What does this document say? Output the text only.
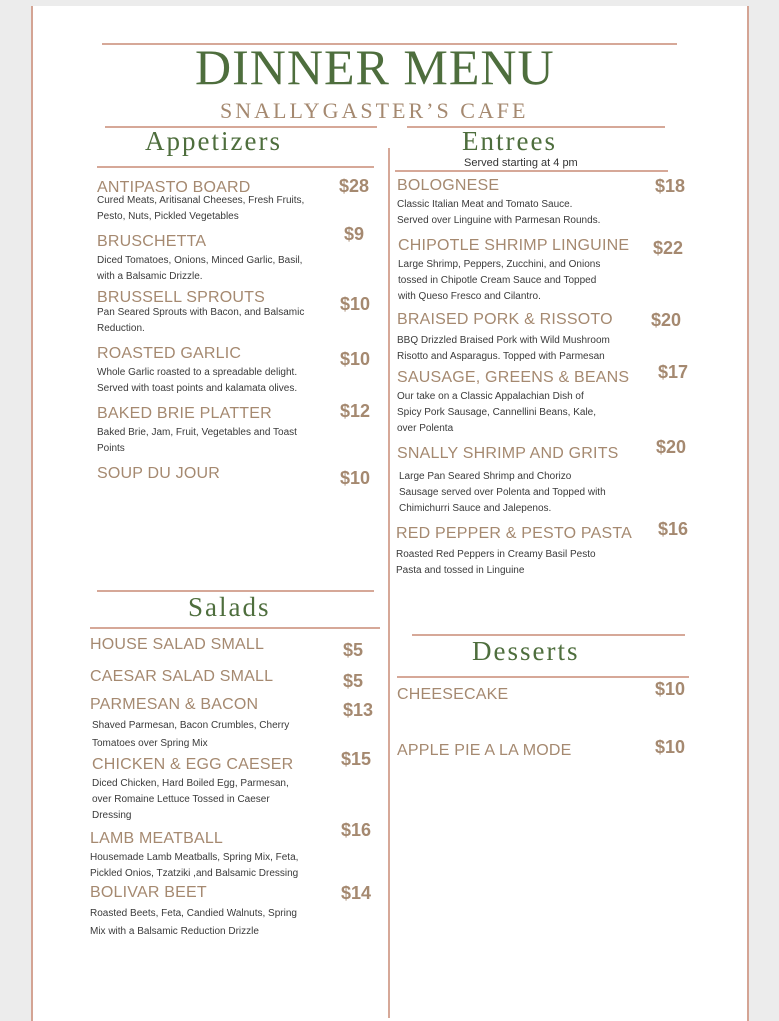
DINNER MENU
SNALLYGASTER’S CAFE
Appetizers	Entrees
Served starting at 4 pm
Salads
Desserts
ANTIPASTO BOARD	$28
Cured Meats, Aritisanal Cheeses, Fresh Fruits,
Pesto, Nuts, Pickled Vegetables
BRUSCHETTA	$9
Diced Tomatoes, Onions, Minced Garlic, Basil,
with a Balsamic Drizzle.
BRUSSELL SPROUTS	$10
Pan Seared Sprouts with Bacon, and Balsamic
Reduction.
ROASTED GARLIC	$10
Whole Garlic roasted to a spreadable delight.
Served with toast points and kalamata olives.
BAKED BRIE PLATTER	$12
Baked Brie, Jam, Fruit, Vegetables and Toast
Points
SOUP DU JOUR	$10
BOLOGNESE	$18
Classic Italian Meat and Tomato Sauce.
Served over Linguine with Parmesan Rounds.
CHIPOTLE SHRIMP LINGUINE $22
Large Shrimp, Peppers, Zucchini, and Onions
tossed in Chipotle Cream Sauce and Topped
with Queso Fresco and Cilantro.
BRAISED PORK & RISSOTO $20
BBQ Drizzled Braised Pork with Wild Mushroom
Risotto and Asparagus. Topped with Parmesan
SAUSAGE, GREENS & BEANS $17
Our take on a Classic Appalachian Dish of
Spicy Pork Sausage, Cannellini Beans, Kale,
over Polenta
SNALLY SHRIMP AND GRITS $20
Large Pan Seared Shrimp and Chorizo
Sausage served over Polenta and Topped with
Chimichurri Sauce and Jalepenos.
RED PEPPER & PESTO PASTA $16
Roasted Red Peppers in Creamy Basil Pesto
Pasta and tossed in Linguine
HOUSE SALAD SMALL	$5
CAESAR SALAD SMALL	$5
PARMESAN & BACON	$13
Shaved Parmesan, Bacon Crumbles, Cherry
Tomatoes over Spring Mix
CHICKEN & EGG CAESER	$15
Diced Chicken, Hard Boiled Egg, Parmesan,
over Romaine Lettuce Tossed in Caeser
Dressing
LAMB MEATBALL	$16
Housemade Lamb Meatballs, Spring Mix, Feta,
Pickled Onios, Tzatziki ,and Balsamic Dressing
BOLIVAR BEET	$14
Roasted Beets, Feta, Candied Walnuts, Spring
Mix with a Balsamic Reduction Drizzle
CHEESECAKE	$10
APPLE PIE A LA MODE	$10
